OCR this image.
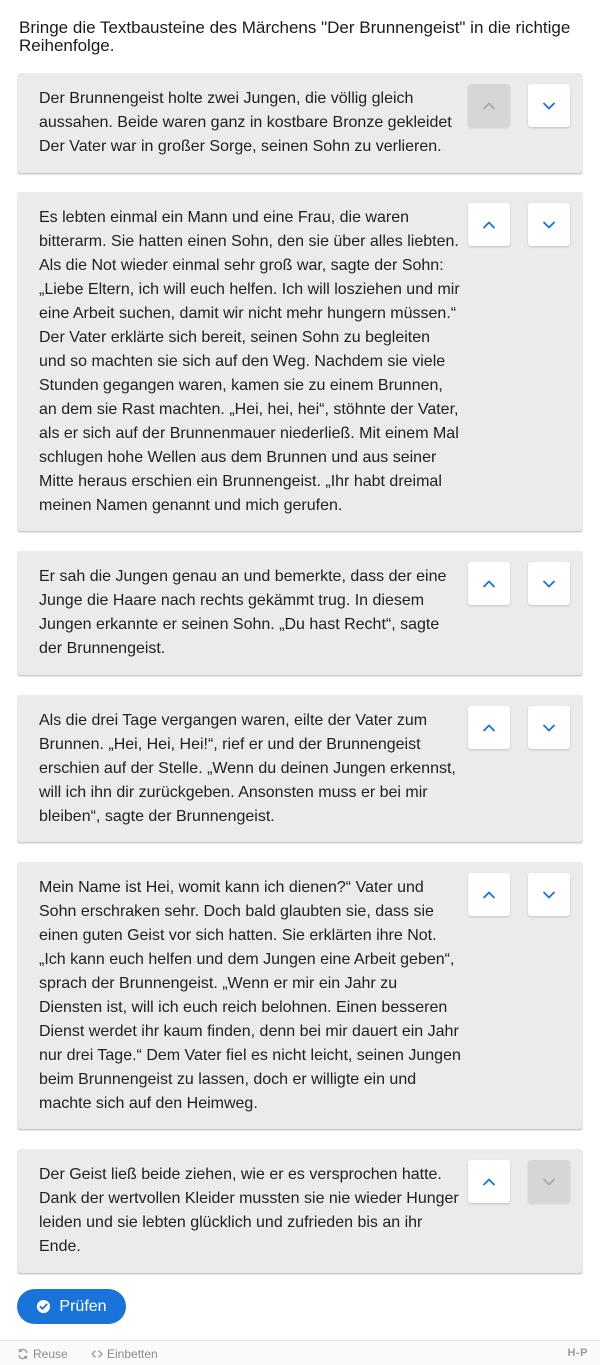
Bringe die Textbausteine des Märchens "Der Brunnengeist" in die richtige Reihenfolge.
Der Brunnengeist holte zwei Jungen, die völlig gleich aussahen. Beide waren ganz in kostbare Bronze gekleidet Der Vater war in großer Sorge, seinen Sohn zu verlieren.
Es lebten einmal ein Mann und eine Frau, die waren bitterarm. Sie hatten einen Sohn, den sie über alles liebten. Als die Not wieder einmal sehr groß war, sagte der Sohn: „Liebe Eltern, ich will euch helfen. Ich will losziehen und mir eine Arbeit suchen, damit wir nicht mehr hungern müssen.“ Der Vater erklärte sich bereit, seinen Sohn zu begleiten und so machten sie sich auf den Weg. Nachdem sie viele Stunden gegangen waren, kamen sie zu einem Brunnen, an dem sie Rast machten. „Hei, hei, hei“, stöhnte der Vater, als er sich auf der Brunnenmauer niederließ. Mit einem Mal schlugen hohe Wellen aus dem Brunnen und aus seiner Mitte heraus erschien ein Brunnengeist. „Ihr habt dreimal meinen Namen genannt und mich gerufen.
Er sah die Jungen genau an und bemerkte, dass der eine Junge die Haare nach rechts gekämmt trug. In diesem Jungen erkannte er seinen Sohn. „Du hast Recht“, sagte der Brunnengeist.
Als die drei Tage vergangen waren, eilte der Vater zum Brunnen. „Hei, Hei, Hei!“, rief er und der Brunnengeist erschien auf der Stelle. „Wenn du deinen Jungen erkennst, will ich ihn dir zurückgeben. Ansonsten muss er bei mir bleiben“, sagte der Brunnengeist.
Mein Name ist Hei, womit kann ich dienen?“ Vater und Sohn erschraken sehr. Doch bald glaubten sie, dass sie einen guten Geist vor sich hatten. Sie erklärten ihre Not. „Ich kann euch helfen und dem Jungen eine Arbeit geben“, sprach der Brunnengeist. „Wenn er mir ein Jahr zu Diensten ist, will ich euch reich belohnen. Einen besseren Dienst werdet ihr kaum finden, denn bei mir dauert ein Jahr nur drei Tage.“ Dem Vater fiel es nicht leicht, seinen Jungen beim Brunnengeist zu lassen, doch er willigte ein und machte sich auf den Heimweg.
Der Geist ließ beide ziehen, wie er es versprochen hatte. Dank der wertvollen Kleider mussten sie nie wieder Hunger leiden und sie lebten glücklich und zufrieden bis an ihr Ende.
Prüfen
Reuse	Einbetten	H-P
